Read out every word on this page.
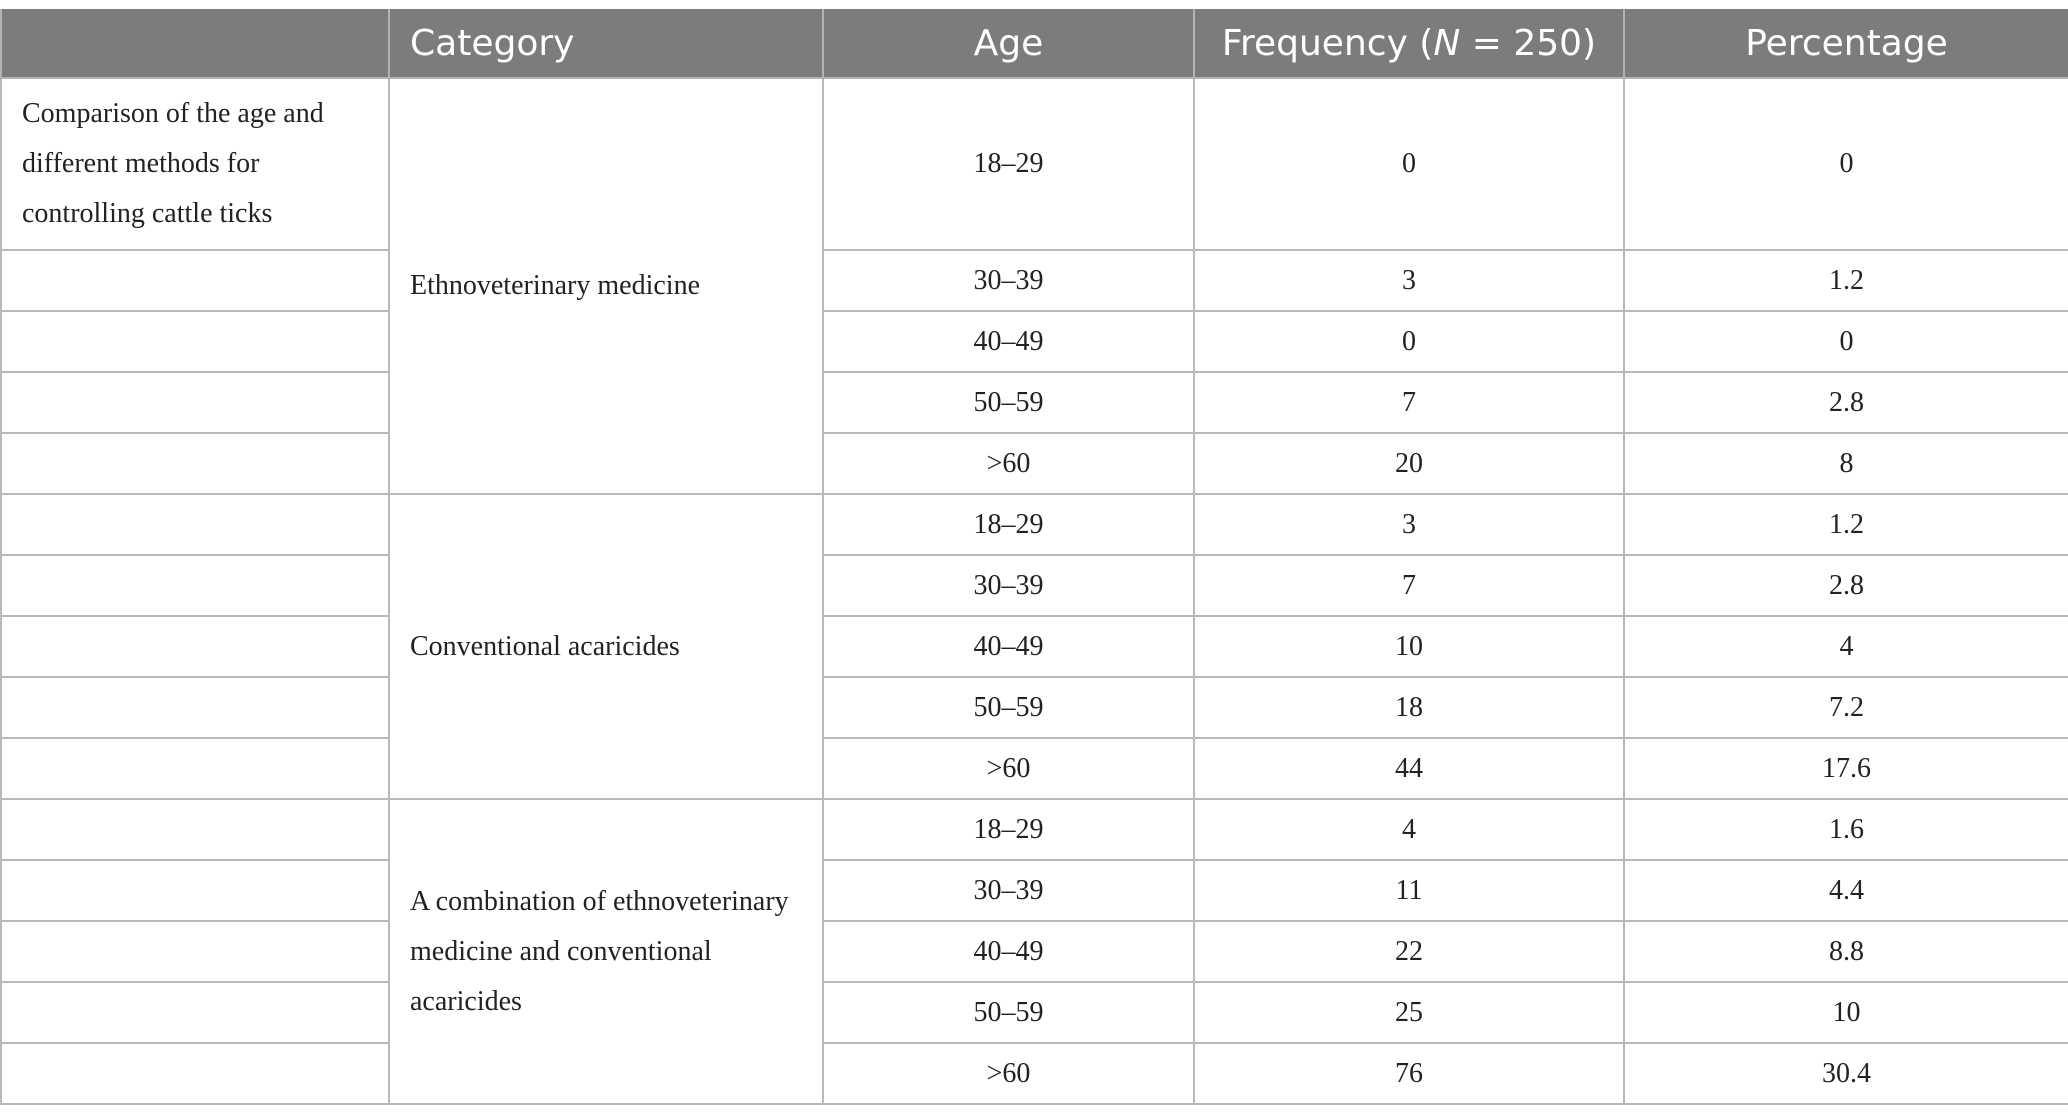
	Category	Age	Frequency (N = 250)	Percentage
Comparison of the age and different methods for controlling cattle ticks	Ethnoveterinary medicine	18–29	0	0
		30–39	3	1.2
		40–49	0	0
		50–59	7	2.8
		>60	20	8
	Conventional acaricides	18–29	3	1.2
		30–39	7	2.8
		40–49	10	4
		50–59	18	7.2
		>60	44	17.6
	A combination of ethnoveterinary medicine and conventional acaricides	18–29	4	1.6
		30–39	11	4.4
		40–49	22	8.8
		50–59	25	10
		>60	76	30.4
